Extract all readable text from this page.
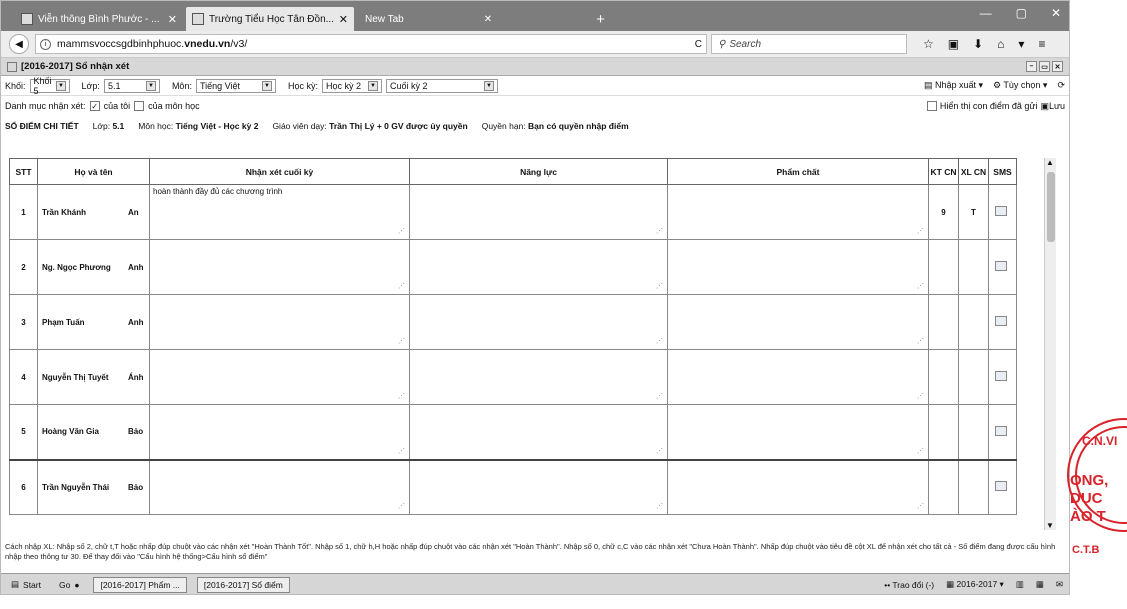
Viễn thông Bình Phước - ... ✕	Trường Tiểu Học Tân Đồn... ✕ New Tab	✕	+	— ▢ ✕
◀	i	mammsvoccsgdbinhphuoc. vnedu.vn /v3/	C ⚲ Search	☆ ▣ ⬇ ⌂ ▾ ≡
[2016-2017] Sổ nhận xét	–	▭ ✕
Khối: Khối 5	▼ Lớp: 5.1	▼ Môn: Tiếng Việt	▼ Học kỳ: Học kỳ 2	▼ Cuối kỳ 2	▼	▤ Nhập xuất ▾ ⚙ Tùy chọn ▾ ⟳
Danh mục nhận xét: ✓ của tôi của môn học	Hiển thị con điểm đã gửi ▣Lưu
SỔ ĐIỂM CHI TIẾT Lớp: 5.1 Môn học: Tiếng Việt - Học kỳ 2 Giáo viên dạy: Trần Thị Lý + 0 GV được ủy quyền Quyền hạn: Bạn có quyền nhập điểm
STT	Họ và tên	Nhận xét cuối kỳ	Năng lực	Phẩm chất	KT CN	XL CN	SMS
1	Trần Khánh An	hoàn thành đầy đủ các chương trình ⋰	⋰	⋰	9	T	
2	Ng. Ngọc Phương Anh	⋰	⋰	⋰			
3	Phạm Tuấn Anh	⋰	⋰	⋰			
4	Nguyễn Thị Tuyết Ánh	⋰	⋰	⋰			
5	Hoàng Văn Gia Bảo	⋰	⋰	⋰			
6	Trần Nguyễn Thái Bảo	⋰	⋰	⋰			
▲
▼
Cách nhập XL: Nhập số 2, chữ t,T hoặc nhấp đúp chuột vào các nhận xét "Hoàn Thành Tốt". Nhập số 1, chữ h,H hoặc nhấp đúp chuột vào các nhận xét "Hoàn Thành". Nhập số 0, chữ c,C vào các nhận xét "Chưa Hoàn Thành". Nhấp đúp chuột vào tiêu đề cột XL để nhận xét cho tất cả - Số điểm đang được cấu hình nhập theo thông tư 30. Để thay đổi vào "Cấu hình hệ thống>Cấu hình sổ điểm"
▤ Start Go ●	[2016-2017] Phẩm ...	[2016-2017] Sổ điểm	•• Trao đổi (-) ▦ 2016-2017 ▾ ▥ ▦ ✉
C.N.VI
ONG,
DỤC
ÀO T
C.T.B
